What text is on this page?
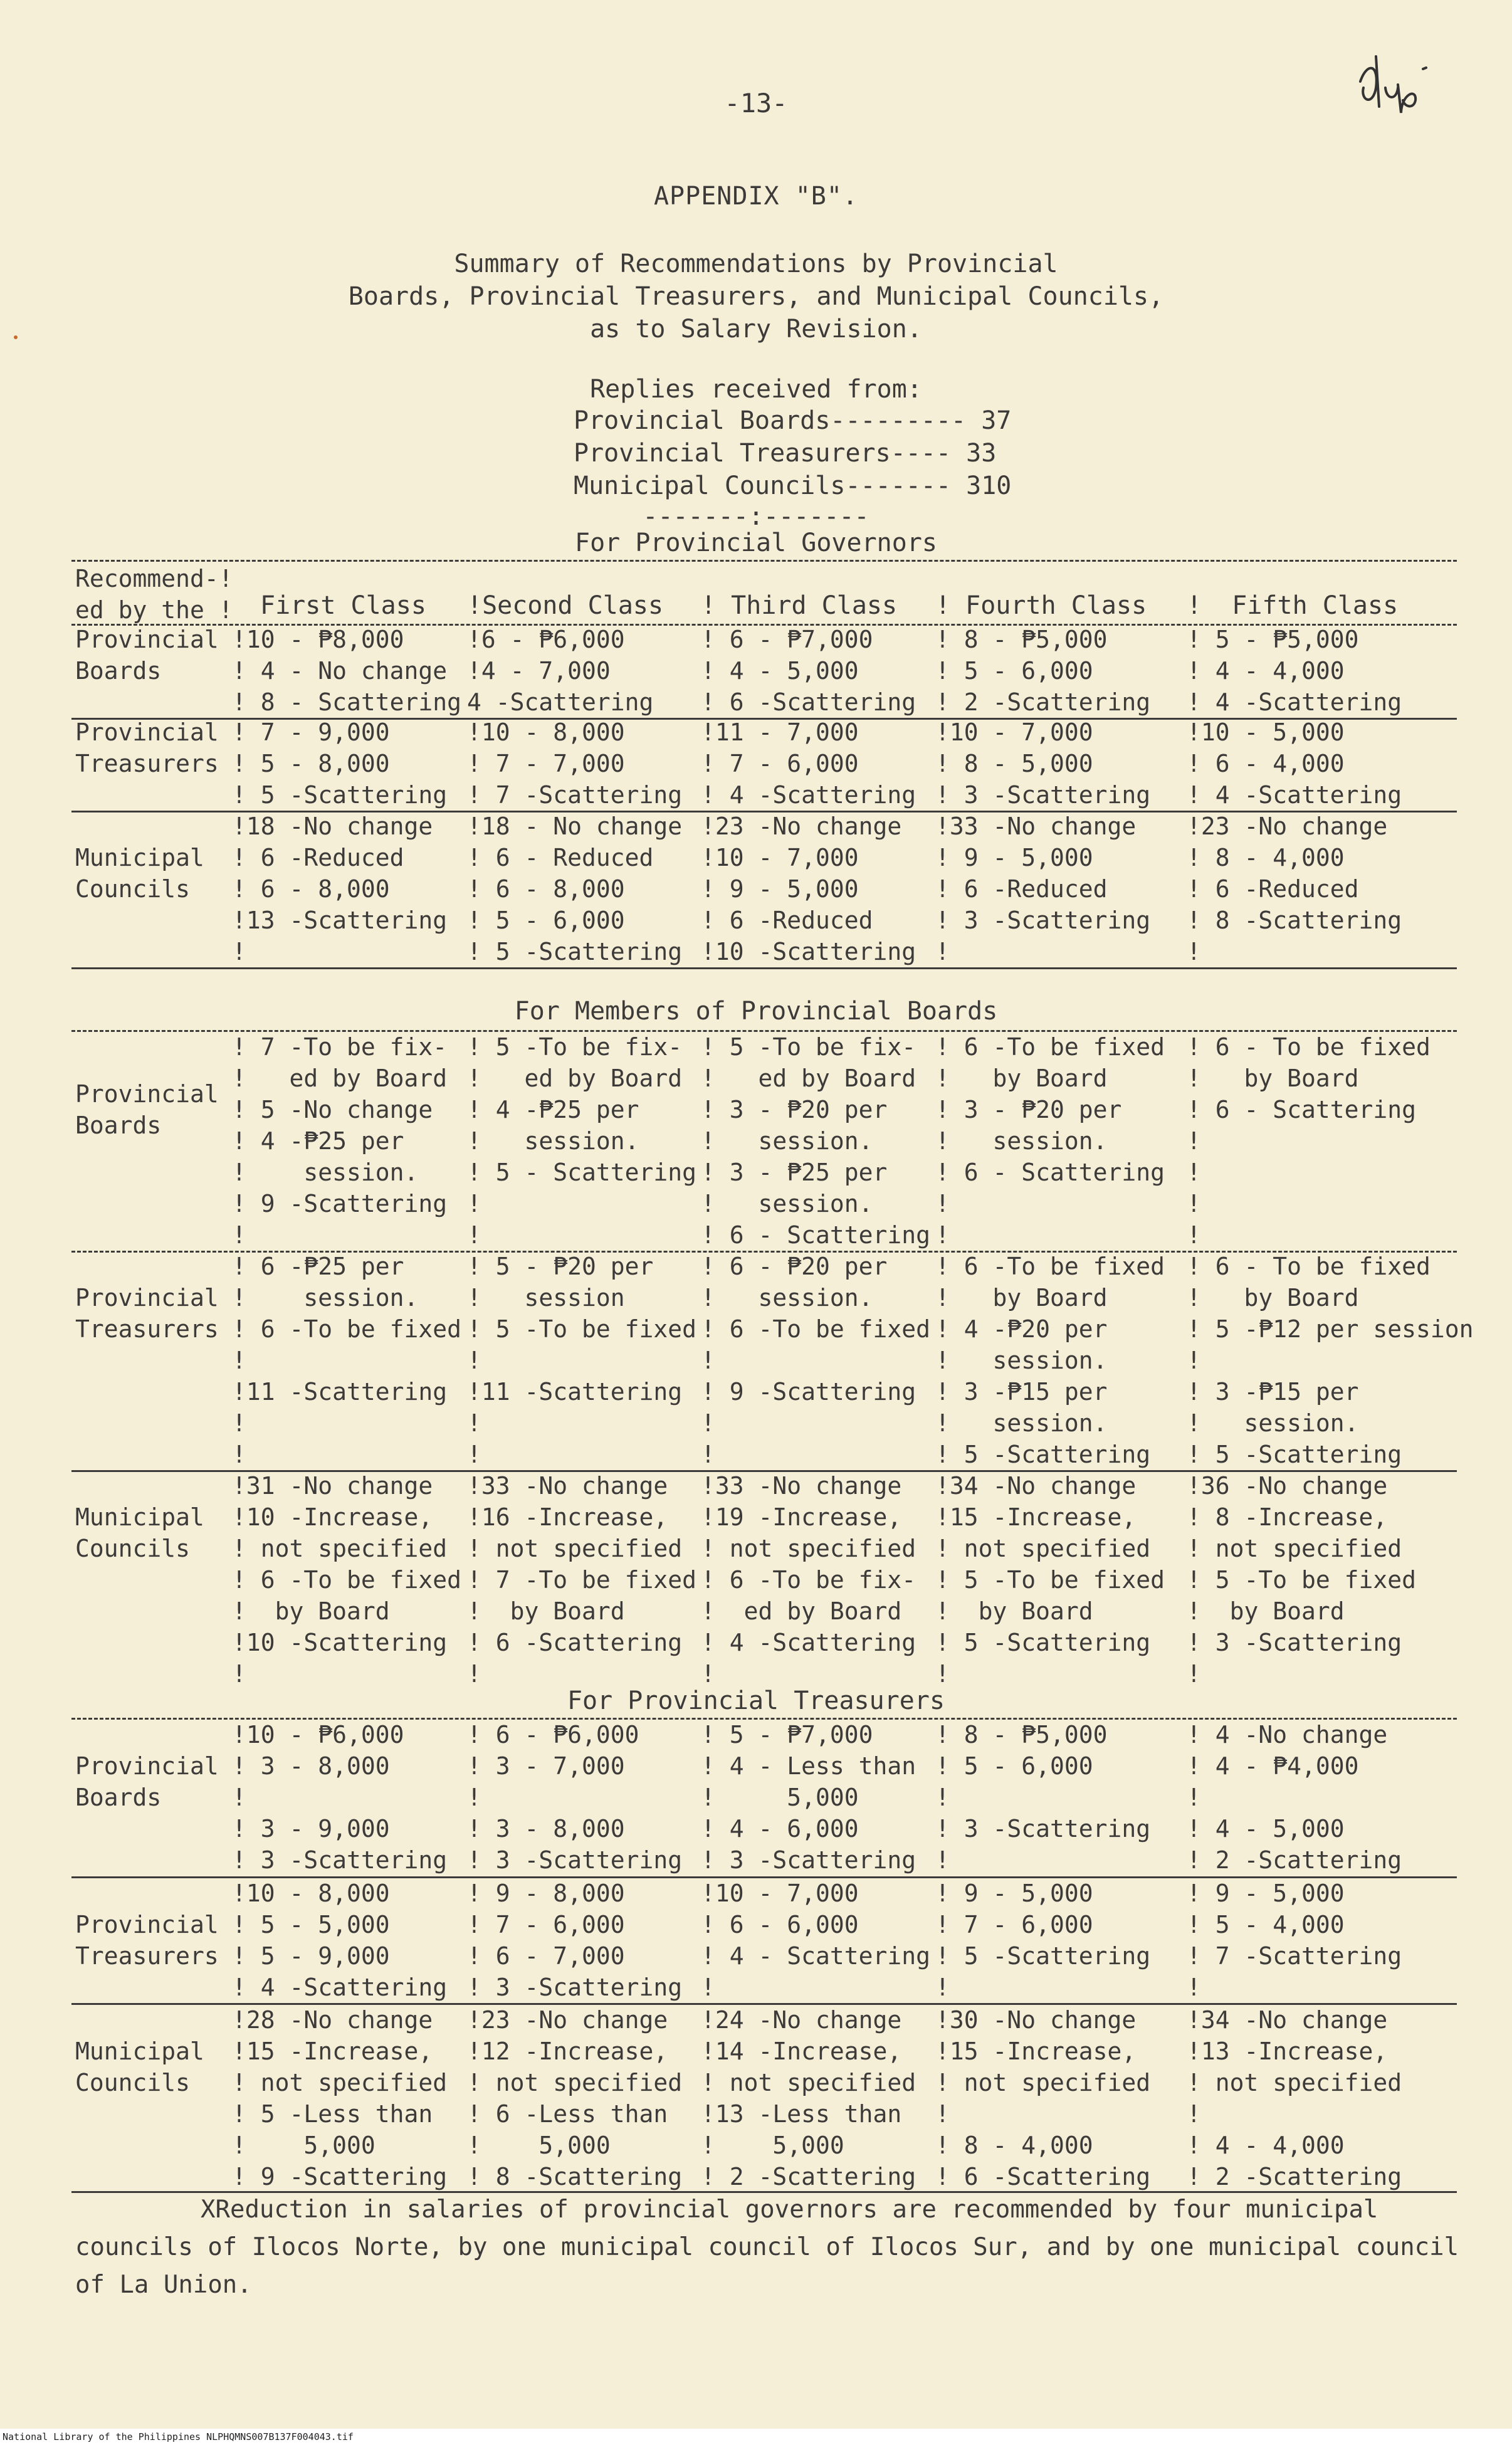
-13-
APPENDIX "B".
Summary of Recommendations by Provincial
Boards, Provincial Treasurers, and Municipal Councils,
as to Salary Revision.
Replies received from:
Provincial Boards--------- 37
Provincial Treasurers---- 33
Municipal Councils------- 310
-------:-------
For Provincial Governors
Recommend-!
ed by the ! First Class !Second Class ! Third Class ! Fourth Class !  Fifth Class
Provincial
Boards
!10 - ₱8,000
! 4 - No change
! 8 - Scattering
!6 - ₱6,000
!4 - 7,000
4 -Scattering
! 6 - ₱7,000
! 4 - 5,000
! 6 -Scattering
! 8 - ₱5,000
! 5 - 6,000
! 2 -Scattering
! 5 - ₱5,000
! 4 - 4,000
! 4 -Scattering
Provincial
Treasurers
! 7 - 9,000
! 5 - 8,000
! 5 -Scattering
!10 - 8,000
! 7 - 7,000
! 7 -Scattering
!11 - 7,000
! 7 - 6,000
! 4 -Scattering
!10 - 7,000
! 8 - 5,000
! 3 -Scattering
!10 - 5,000
! 6 - 4,000
! 4 -Scattering

Municipal
Councils
!18 -No change
! 6 -Reduced
! 6 - 8,000
!13 -Scattering
!
!18 - No change
! 6 - Reduced
! 6 - 8,000
! 5 - 6,000
! 5 -Scattering
!23 -No change
!10 - 7,000
! 9 - 5,000
! 6 -Reduced
!10 -Scattering
!33 -No change
! 9 - 5,000
! 6 -Reduced
! 3 -Scattering
!
!23 -No change
! 8 - 4,000
! 6 -Reduced
! 8 -Scattering
!
For Members of Provincial Boards

Provincial
Boards
! 7 -To be fix-
!   ed by Board
! 5 -No change
! 4 -₱25 per
!    session.
! 9 -Scattering
!
! 5 -To be fix-
!   ed by Board
! 4 -₱25 per
!   session.
! 5 - Scattering
!
!
! 5 -To be fix-
!   ed by Board
! 3 - ₱20 per
!   session.
! 3 - ₱25 per
!   session.
! 6 - Scattering
! 6 -To be fixed
!   by Board
! 3 - ₱20 per
!   session.
! 6 - Scattering
!
!
! 6 - To be fixed
!   by Board
! 6 - Scattering
!
!
!
!

Provincial
Treasurers
! 6 -₱25 per
!    session.
! 6 -To be fixed
!
!11 -Scattering
!
!
! 5 - ₱20 per
!   session
! 5 -To be fixed
!
!11 -Scattering
!
!
! 6 - ₱20 per
!   session.
! 6 -To be fixed
!
! 9 -Scattering
!
!
! 6 -To be fixed
!   by Board
! 4 -₱20 per
!   session.
! 3 -₱15 per
!   session.
! 5 -Scattering
! 6 - To be fixed
!   by Board
! 5 -₱12 per session
!
! 3 -₱15 per
!   session.
! 5 -Scattering

Municipal
Councils
!31 -No change
!10 -Increase,
! not specified
! 6 -To be fixed
!  by Board
!10 -Scattering
!
!33 -No change
!16 -Increase,
! not specified
! 7 -To be fixed
!  by Board
! 6 -Scattering
!
!33 -No change
!19 -Increase,
! not specified
! 6 -To be fix-
!  ed by Board
! 4 -Scattering
!
!34 -No change
!15 -Increase,
! not specified
! 5 -To be fixed
!  by Board
! 5 -Scattering
!
!36 -No change
! 8 -Increase,
! not specified
! 5 -To be fixed
!  by Board
! 3 -Scattering
!
For Provincial Treasurers

Provincial
Boards
!10 - ₱6,000
! 3 - 8,000
!
! 3 - 9,000
! 3 -Scattering
! 6 - ₱6,000
! 3 - 7,000
!
! 3 - 8,000
! 3 -Scattering
! 5 - ₱7,000
! 4 - Less than
!     5,000
! 4 - 6,000
! 3 -Scattering
! 8 - ₱5,000
! 5 - 6,000
!
! 3 -Scattering
!
! 4 -No change
! 4 - ₱4,000
!
! 4 - 5,000
! 2 -Scattering

Provincial
Treasurers
!10 - 8,000
! 5 - 5,000
! 5 - 9,000
! 4 -Scattering
! 9 - 8,000
! 7 - 6,000
! 6 - 7,000
! 3 -Scattering
!10 - 7,000
! 6 - 6,000
! 4 - Scattering
!
! 9 - 5,000
! 7 - 6,000
! 5 -Scattering
!
! 9 - 5,000
! 5 - 4,000
! 7 -Scattering
!

Municipal
Councils
!28 -No change
!15 -Increase,
! not specified
! 5 -Less than
!    5,000
! 9 -Scattering
!23 -No change
!12 -Increase,
! not specified
! 6 -Less than
!    5,000
! 8 -Scattering
!24 -No change
!14 -Increase,
! not specified
!13 -Less than
!    5,000
! 2 -Scattering
!30 -No change
!15 -Increase,
! not specified
!
! 8 - 4,000
! 6 -Scattering
!34 -No change
!13 -Increase,
! not specified
!
! 4 - 4,000
! 2 -Scattering
XReduction in salaries of provincial governors are recommended by four municipal councils of Ilocos Norte, by one municipal council of Ilocos Sur, and by one municipal council of La Union.
National Library of the Philippines NLPHQMNS007B137F004043.tif
